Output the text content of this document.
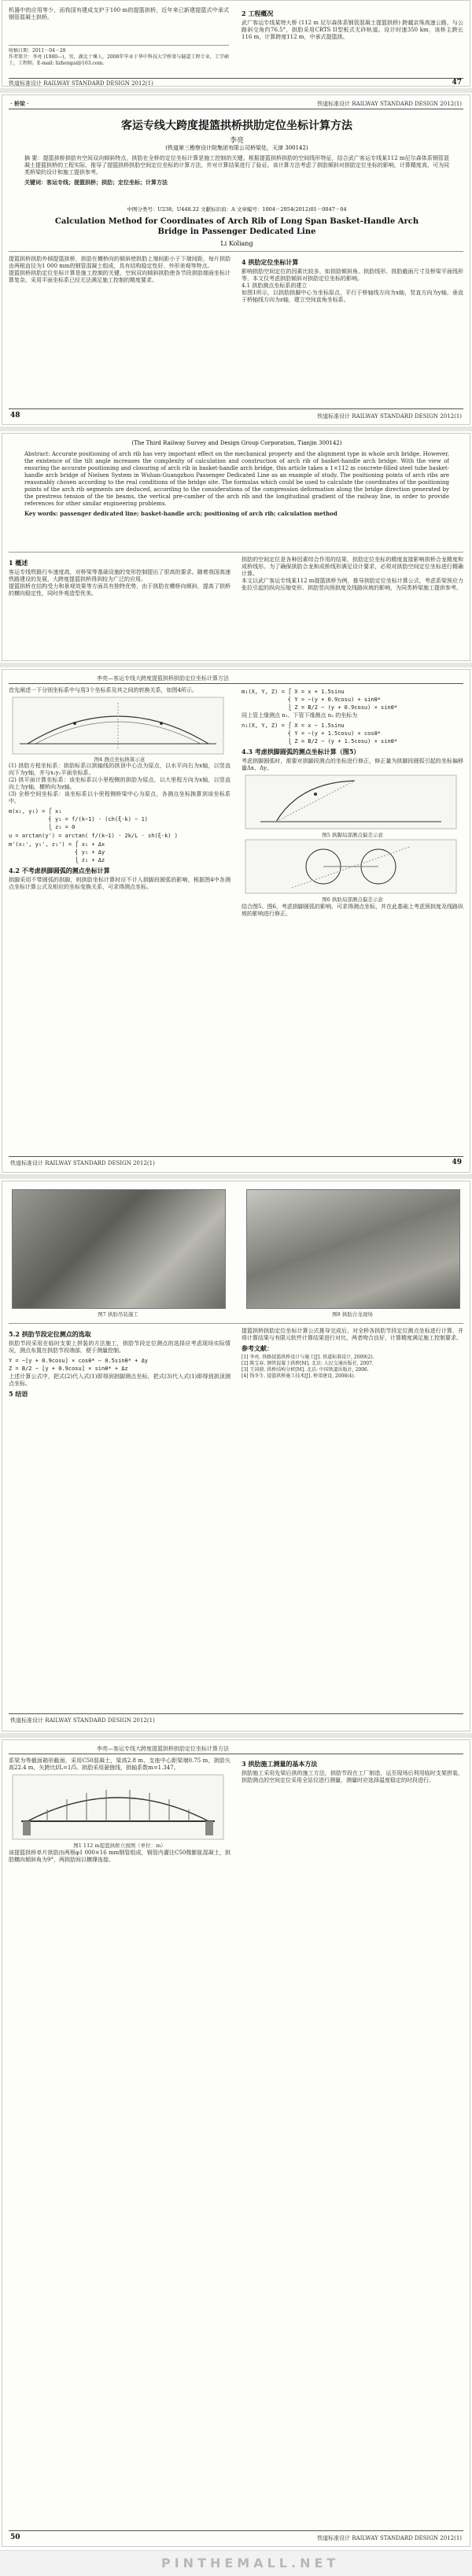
机器中的应用等少，而我国有建成支护于100 m的提篮拱桥，近年来已新建提篮式中承式钢管混凝土拱桥。

收稿日期：2011－04－28
作者简介：李亮 (1980—)，男，湖北十堰人，2008年毕业于华中科技大学桥梁与隧道工程专业，工学硕士，工程师。E-mail: lizhengai@163.com。

2 工程概况

武广客运专线某特大桥 (112 m 尼尔森体系钢管混凝土提篮拱桥) 跨越京珠高速公路，与公路斜交角约76.5°，拱肋采用CRTS II型板式无砟轨道。设计时速350 km，该桥主跨长116 m，计算跨度112 m，中承式提篮拱。

铁道标准设计 RAILWAY STANDARD DESIGN 2012(1)	47
· 桥梁 ·	铁道标准设计 RAILWAY STANDARD DESIGN 2012(1)
客运专线大跨度提篮拱桥拱肋定位坐标计算方法
李亮
(铁道第三勘察设计院集团有限公司桥梁处，天津 300142)

摘 要：提篮拱桥拱肋有空间双向倾斜特点，拱肋在全桥的定位坐标计算是施工控制的关键。根据提篮拱桥拱肋的空间线形特征，结合武广客运专线某112 m尼尔森体系钢管混凝土提篮拱桥的工程实际，推导了提篮拱桥拱肋空间定位坐标的计算方法，并对计算结果进行了验证。该计算方法考虑了拱肋倾斜对拱肋定位坐标的影响，计算精度高，可为同类桥梁的设计和施工提供参考。

关键词：客运专线；提篮拱桥；拱肋；定位坐标；计算方法

中图分类号：U238；U448.22 文献标识码：A 文章编号：1004－2954(2012)01－0047－04
Calculation Method for Coordinates of Arch Rib of Long Span Basket-Handle Arch Bridge in Passenger Dedicated Line
Li Koliang

提篮拱桥拱肋外倾提篮拱桥，拱肋在横桥向的倾斜使拱肋上端间距小于下端间距，每片拱肋由两根直径为1 000 mm的钢管混凝土组成，具有结构稳定性好、外形美观等特点。
提篮拱桥拱肋定位坐标计算是施工控制的关键，空间双向倾斜拱肋使各节段拱肋端面坐标计算复杂，采用平面坐标系已经无法满足施工控制的精度要求。

4 拱肋定位坐标计算

影响拱肋空间定位的因素比较多，如拱肋倾斜角、拱肋线形、拱肋截面尺寸及桥梁平面线形等，本文仅考虑拱肋倾斜对拱肋定位坐标的影响。
4.1 拱肋测点坐标系的建立
如图1所示，以拱肋拱脚中心为坐标原点，平行于桥轴线方向为x轴，竖直方向为y轴，垂直于桥轴线方向为z轴，建立空间直角坐标系。

48	铁道标准设计 RAILWAY STANDARD DESIGN 2012(1)
(The Third Railway Survey and Design Group Corporation, Tianjin 300142)

Abstract: Accurate positioning of arch rib has very important effect on the mechanical property and the alignment type in whole arch bridge. However, the existence of the tilt angle increases the complexity of calculation and construction of arch rib of basket-handle arch bridge. With the view of ensuring the accurate positioning and closuring of arch rib in basket-handle arch bridge, this article takes a 1×112 m concrete-filled steel tube basket-handle arch bridge of Nielsen System in Wuhan-Guangzhou Passenger Dedicated Line as an example of study. The positioning points of arch ribs are reasonably chosen according to the real conditions of the bridge site. The formulas which could be used to calculate the coordinates of the positioning points of the arch rib segments are deduced, according to the considerations of the compression deformation along the bridge direction generated by the prestress tension of the tie beams, the vertical pre-camber of the arch rib and the longitudinal gradient of the railway line, in order to provide references for other similar engineering problems.

Key words: passenger dedicated line; basket-handle arch; positioning of arch rib; calculation method

1 概述

客运专线铁路行车速度高，对桥梁等基础设施的变形控制提出了很高的要求。随着我国高速铁路建设的发展，大跨度提篮拱桥得到较为广泛的应用。
提篮拱桥在结构受力和景观效果等方面具有独特优势，由于拱肋在横桥向倾斜，提高了拱桥的横向稳定性，同时外观造型优美。

拱肋的空间定位是各种因素综合作用的结果，拱肋定位坐标的精度直接影响拱桥合龙精度和成桥线形。为了确保拱肋合龙和成桥线形满足设计要求，必须对拱肋空间定位坐标进行精确计算。
本文以武广客运专线某112 m提篮拱桥为例，推导拱肋定位坐标计算公式，考虑系梁预应力张拉引起的纵向压缩变形、拱肋竖向预拱度及线路纵坡的影响，为同类桥梁施工提供参考。

李亮—客运专线大跨度提篮拱桥拱肋定位坐标计算方法

首先阐述一下分别坐标系中与用3个坐标系及其之间的转换关系，如图4所示。

图4 测点坐标换算示意

(1) 拱肋方程坐标系：拱肋标系以拱轴线的拱顶中心点为原点，以水平向右为x轴，以竖直向下为y轴，并与x₁y₁平面坐标系。
(2) 拱平面计算坐标系：该坐标系以小里程侧的拱肋为原点，以大里程方向为x轴，以竖直向上为y轴，横桥向为z轴。
(3) 全桥空间坐标系：该坐标系以小里程侧桥梁中心为原点，各测点坐标换算到该坐标系中。

m(x₁, y₁) = ⎧ x₁
⎨ y₁ = f/(k−1) · (ch(ξ·k) − 1)
⎩ z₁ = 0

u = arctan(y') = arctan( f/(k−1) · 2k/L · sh(ξ·k) )

m'(x₁', y₁', z₁') = ⎧ x₁ + Δx
⎨ y₁ + Δy
⎩ z₁ + Δz

4.2 不考虑拱脚圆弧的测点坐标计算

拱脚采用不带圆弧的拱脚，则拱肋坐标计算时应不计入拱脚段圆弧的影响，根据图4中各测点坐标计算公式及相应的坐标变换关系，可求得测点坐标。

m₁(X, Y, Z) = ⎧ X = x + 1.5sinu
⎨ Y = −(y + 0.9cosu) + sinθ*
⎩ Z = B/2 − (y + 0.9cosu) × sinθ*

同上管上缘测点 n₁、下管下缘测点 n₂ 的坐标为

n₁(X, Y, Z) = ⎧ X = x − 1.5sinu
⎨ Y = −(y + 1.5cosu) × cosθ*
⎩ Z = B/2 − (y + 1.5cosu) × sinθ*

4.3 考虑拱脚圆弧的测点坐标计算（图5）

考虑拱脚圆弧时，需要对拱脚段测点的坐标进行修正，修正量为拱脚段圆弧引起的坐标偏移量Δx、Δy。

图5 拱脚局部测点偏差示意
图6 拱肋局部测点偏差示意

结合图5、图6，考虑拱脚圆弧的影响，可求得测点坐标，并在此基础上考虑预拱度及线路纵坡的影响进行修正。

铁道标准设计 RAILWAY STANDARD DESIGN 2012(1)	49
图7 拱肋吊装施工	图8 拱肋合龙现场

5.2 拱肋节段定位测点的选取

拱肋节段采用在临时支架上拼装的方法施工，拱肋节段定位测点的选择应考虑现场实际情况，测点布置在拱肋节段端部，便于测量控制。

Y = −[y + 0.9cosu] × cosθ* − 0.5sinθ* + Δy
Z = B/2 − [y + 0.9cosu] × sinθ* + Δz

上述计算公式中，把式(2)代入式(1)即得到拱脚测点坐标，把式(3)代入式(1)即得到拱顶测点坐标。

5 结语

提篮拱桥拱肋定位坐标计算公式推导完成后，对全桥各拱肋节段定位测点坐标进行计算，并将计算结果与有限元软件计算结果进行对比，两者吻合良好，计算精度满足施工控制要求。

参考文献：

[1] 李亮. 铁路提篮拱桥设计与施工[J]. 铁道标准设计, 2009(2).
[2] 陈宝春. 钢管混凝土拱桥[M]. 北京: 人民交通出版社, 2007.
[3] 王国鼎. 拱桥结构分析[M]. 北京: 中国铁道出版社, 2006.
[4] 钱冬生. 提篮拱桥施工技术[J]. 桥梁建设, 2008(4).

铁道标准设计 RAILWAY STANDARD DESIGN 2012(1)
李亮—客运专线大跨度提篮拱桥拱肋定位坐标计算方法

系梁为等截面箱形截面，采用C50混凝土，梁高2.8 m，支座中心距梁端0.75 m，拱肋矢高22.4 m，矢跨比f/L=1/5。拱肋采用悬链线，拱轴系数m=1.347。

图1 112 m提篮拱桥立面图（单位：m）

该提篮拱桥单片拱肋由两根φ1 000×16 mm钢管组成，钢管内灌注C50微膨胀混凝土，拱肋横向倾斜角为9°，两拱肋间以横撑连接。

3 拱肋施工测量的基本方法

拱肋施工采用先梁后拱的施工方法，拱肋节段在工厂制造，运至现场后利用临时支架拼装，拱肋测点的空间定位采用全站仪进行测量，测量时应选择温度稳定的时段进行。

50	铁道标准设计 RAILWAY STANDARD DESIGN 2012(1)
PINTHEMALL.NET
